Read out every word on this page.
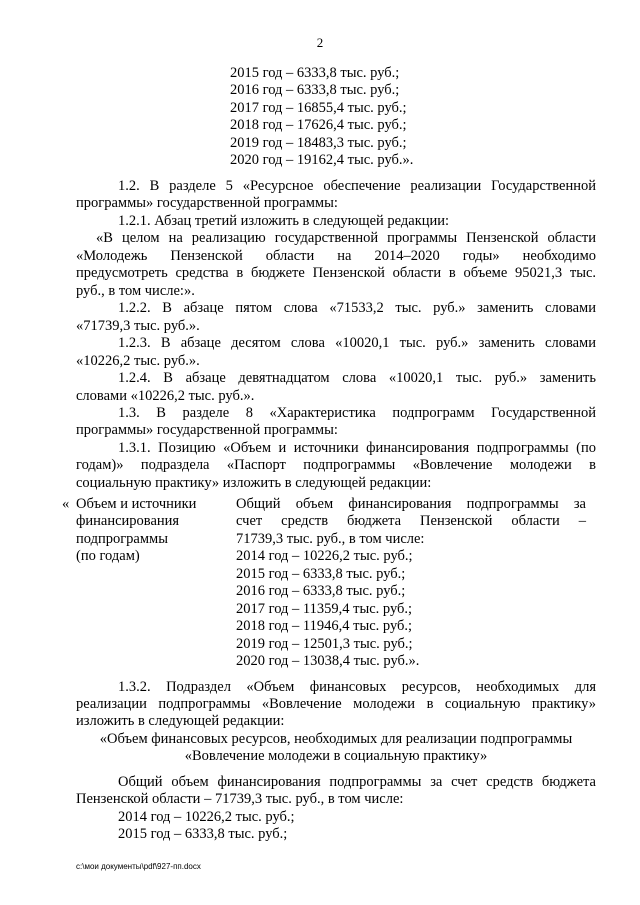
2
2015 год – 6333,8 тыс. руб.;
2016 год – 6333,8 тыс. руб.;
2017 год – 16855,4 тыс. руб.;
2018 год – 17626,4 тыс. руб.;
2019 год – 18483,3 тыс. руб.;
2020 год – 19162,4 тыс. руб.».
1.2. В разделе 5 «Ресурсное обеспечение реализации Государственной
программы» государственной программы:
1.2.1. Абзац третий изложить в следующей редакции:
«В целом на реализацию государственной программы Пензенской области
«Молодежь Пензенской области на 2014–2020 годы» необходимо
предусмотреть средства в бюджете Пензенской области в объеме 95021,3 тыс.
руб., в том числе:».
1.2.2. В абзаце пятом слова «71533,2 тыс. руб.» заменить словами
«71739,3 тыс. руб.».
1.2.3. В абзаце десятом слова «10020,1 тыс. руб.» заменить словами
«10226,2 тыс. руб.».
1.2.4. В абзаце девятнадцатом слова «10020,1 тыс. руб.» заменить
словами «10226,2 тыс. руб.».
1.3. В разделе 8 «Характеристика подпрограмм Государственной
программы» государственной программы:
1.3.1. Позицию «Объем и источники финансирования подпрограммы (по
годам)» подраздела «Паспорт подпрограммы «Вовлечение молодежи в
социальную практику» изложить в следующей редакции:
« Объем и источники
финансирования
подпрограммы
(по годам)
Общий объем финансирования подпрограммы за
счет средств бюджета Пензенской области –
71739,3 тыс. руб., в том числе:
2014 год – 10226,2 тыс. руб.;
2015 год – 6333,8 тыс. руб.;
2016 год – 6333,8 тыс. руб.;
2017 год – 11359,4 тыс. руб.;
2018 год – 11946,4 тыс. руб.;
2019 год – 12501,3 тыс. руб.;
2020 год – 13038,4 тыс. руб.».
1.3.2. Подраздел «Объем финансовых ресурсов, необходимых для
реализации подпрограммы «Вовлечение молодежи в социальную практику»
изложить в следующей редакции:
«Объем финансовых ресурсов, необходимых для реализации подпрограммы
«Вовлечение молодежи в социальную практику»
Общий объем финансирования подпрограммы за счет средств бюджета
Пензенской области – 71739,3 тыс. руб., в том числе:
2014 год – 10226,2 тыс. руб.;
2015 год – 6333,8 тыс. руб.;
c:\мои документы\pdf\927-пп.docx
